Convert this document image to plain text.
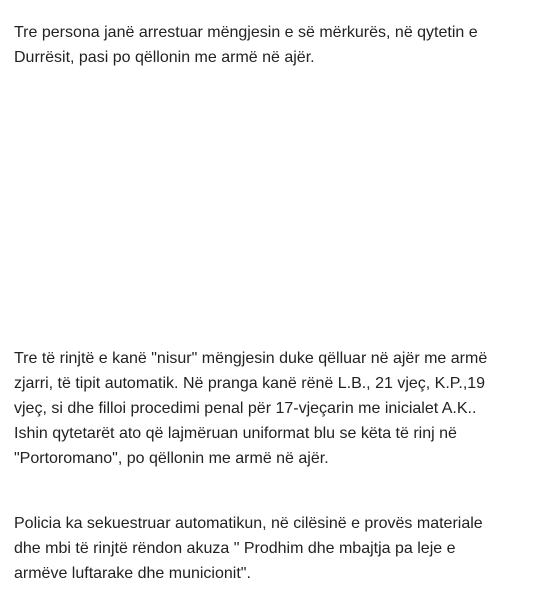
Tre persona janë arrestuar mëngjesin e së mërkurës, në qytetin e
Durrësit, pasi po qëllonin me armë në ajër.

Tre të rinjtë e kanë "nisur" mëngjesin duke qëlluar në ajër me armë
zjarri, të tipit automatik. Në pranga kanë rënë L.B., 21 vjeç, K.P.,19
vjeç, si dhe filloi procedimi penal për 17-vjeçarin me inicialet A.K..
Ishin qytetarët ato që lajmëruan uniformat blu se këta të rinj në
"Portoromano", po qëllonin me armë në ajër.

Policia ka sekuestruar automatikun, në cilësinë e provës materiale
dhe mbi të rinjtë rëndon akuza " Prodhim dhe mbajtja pa leje e
armëve luftarake dhe municionit".
